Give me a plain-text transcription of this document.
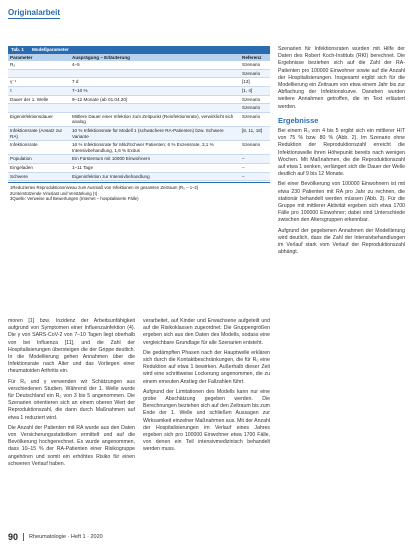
Originalarbeit
Tab. 1 Modellparameter
Parameter	Ausprägung – Erläuterung	Referenz
R₀	4–5	Szenario
		Szenario
γ⁻¹	7 d	[13]
τ	7–10 %	[1, 4]
Dauer der 1. Welle	9–12 Monate (ab 01.04.20)	Szenario
		Szenario
Eigeninfektionsdauer	Mittlere Dauer einer Infektion zum Zeitpunkt (Reinfektionsrate), verwirklicht sich analog	Szenario
Infektionsrate (Ansatz zur RA)	10 % Infektionsrate für Modell 1 (schwächere RA-Patienten) bzw. Schwere Variante	[8, 11, 18]
Infektionsrate	16 % Infektionsrate für Mild/Schwer Patienten; 6 % Exzessrate, 3,1 % Intensivbehandlung, 1,6 % Exitus	Szenario
Population	Ein Fürstentum mit 10000 Einwohnern	–
Eingeladen	1–11 Tage	–
Schwere	Eigeninfektion zur Intensivbehandlung	–
1Reduziertes Reproduktionsniveau zum Ausmaß von Infektionen im gesamten Zeitraum (R₀ – 1–2)
2Unterstützende Viruslast und Verstärkung (τ)
3Quelle: Verweise auf Bewertungen (Internet – hospitalisierte Fälle)

Szenarien für Infektionsraten wurden mit Hilfe der Daten des Robert Koch-Instituts (RKI) berechnet. Die Ergebnisse beziehen sich auf die Zahl der RA-Patienten pro 100000 Einwohner sowie auf die Anzahl der Hospitalisierungen. Insgesamt ergibt sich für die Modellierung ein Zeitraum von etwa einem Jahr bis zur Abflachung der Infektionskurve. Daneben wurden weitere Annahmen getroffen, die im Text erläutert werden.

Ergebnisse

Bei einem R₀ von 4 bis 5 ergibt sich ein mittlerer HIT von 75 % bzw. 80 % (Abb. 2). Im Szenario ohne Reduktion der Reproduktionszahl erreicht die Infektionswelle ihren Höhepunkt bereits nach wenigen Wochen. Mit Maßnahmen, die die Reproduktionszahl auf etwa 1 senken, verlängert sich die Dauer der Welle deutlich auf 9 bis 12 Monate.

Bei einer Bevölkerung von 100000 Einwohnern ist mit etwa 230 Patienten mit RA pro Jahr zu rechnen, die stationär behandelt werden müssen (Abb. 3). Für die Gruppe mit mittlerer Aktivität ergeben sich etwa 1700 Fälle pro 100000 Einwohner; dabei sind Unterschiede zwischen den Altersgruppen erkennbar.

Aufgrund der gegebenen Annahmen der Modellierung wird deutlich, dass die Zahl der Intensivbehandlungen im Verlauf stark vom Verlauf der Reproduktionszahl abhängt.

moren [1] bzw. Inzidenz der Arbeitsunfähigkeit aufgrund von Symptomen einer Influenzainfektion (4). Die γ von SARS-CoV-2 von 7–10 Tagen liegt oberhalb von bei Influenza [11], und die Zahl der Hospitalisierungen übersteigen die der Grippe deutlich. In die Modellierung gehen Annahmen über die Infektionsrate nach Alter und das Vorliegen einer rheumatoiden Arthritis ein.

Für R₀ und γ verwenden wir Schätzungen aus verschiedenen Studien. Während der 1. Welle wurde für Deutschland ein R₀ von 3 bis 5 angenommen. Die Szenarien orientieren sich an einem oberen Wert der Reproduktionszahl, die dann durch Maßnahmen auf etwa 1 reduziert wird.

Die Anzahl der Patienten mit RA wurde aus den Daten von Versicherungsstatistiken ermittelt und auf die Bevölkerung hochgerechnet. Es wurde angenommen, dass 10–15 % der RA-Patienten einer Risikogruppe angehören und somit ein erhöhtes Risiko für einen schweren Verlauf haben.

verarbeitet, auf Kinder und Erwachsene aufgeteilt und auf die Risikoklassen zugeordnet. Die Gruppengrößen ergeben sich aus den Daten des Modells, sodass eine vergleichbare Grundlage für alle Szenarien entsteht.

Die gedämpften Phasen nach der Hauptwelle erklären sich durch die Kontaktbeschränkungen, die für R₀ eine Reduktion auf etwa 1 bewirken. Außerhalb dieser Zeit wird eine schrittweise Lockerung angenommen, die zu einem erneuten Anstieg der Fallzahlen führt.

Aufgrund der Limitationen des Modells kann nur eine grobe Abschätzung gegeben werden. Die Berechnungen beziehen sich auf den Zeitraum bis zum Ende der 1. Welle und schließen Aussagen zur Wirksamkeit einzelner Maßnahmen aus. Mit der Anzahl der Hospitalisierungen im Verlauf eines Jahres ergeben sich pro 100000 Einwohner etwa 1700 Fälle, von denen ein Teil intensivmedizinisch behandelt werden muss.

90 Rheumatologie · Heft 1 · 2020
